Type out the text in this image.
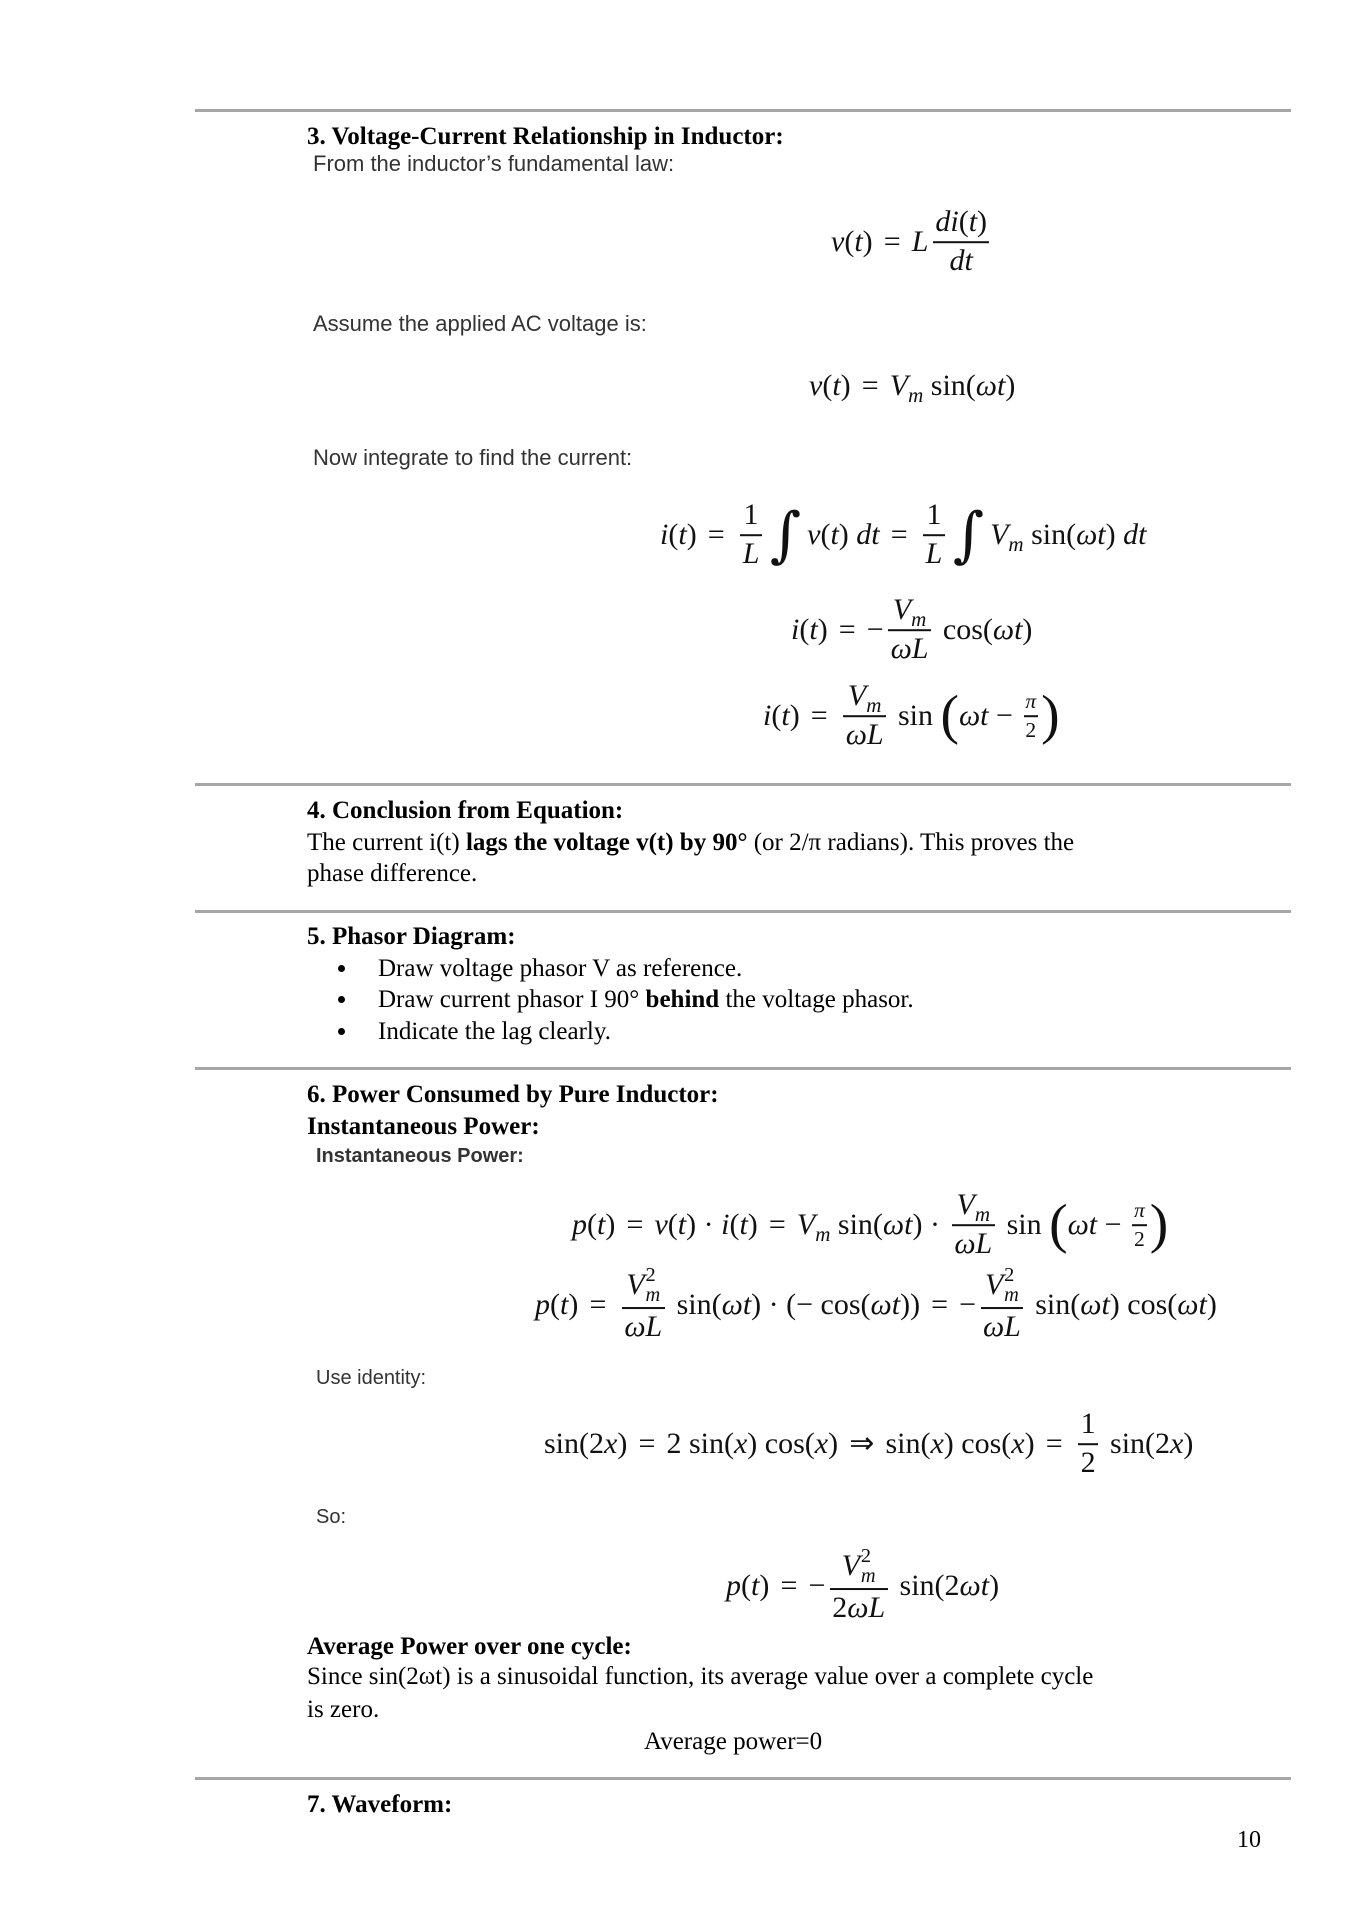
3. Voltage-Current Relationship in Inductor:
From the inductor’s fundamental law:
v(t) = L $\frac{di(t)}{dt}$
Assume the applied AC voltage is:
$v(t) = V_m$ sin(ωt)
Now integrate to find the current:
$i(t) = \frac{1}{L}$ ∫ v(t) dt = $\frac{1}{L}$ ∫ $V_m$ sin(ωt) dt
i(t) = − $\frac{V_m}{\omega L} \cos(\omega t)$
$i(t) = \frac{V_m}{\omega L}$ sin ( $\omega t - \frac{\pi}{2}$ )
4. Conclusion from Equation:
The current i(t) lags the voltage v(t) by 90° (or 2/π radians). This proves the
phase difference.
5. Phasor Diagram:
Draw voltage phasor V as reference.
Draw current phasor I 90° behind the voltage phasor.
Indicate the lag clearly.
6. Power Consumed by Pure Inductor:
Instantaneous Power:
Instantaneous Power:
$p(t) = v(t) \cdot i(t) = V_m$ $\sin(\omega t) \cdot \frac{V_m}{\omega L}$ sin ( $\omega t - \frac{\pi}{2}$ )
p(t) = V 2
m
ωL sin(ωt) · (− cos(ωt)) = − V 2
m
ωL sin(ωt) cos(ωt)
Use identity:
sin(2x) = 2 sin(x) cos(x) ⇒ sin(x) $\cos(x) = \frac{1}{2} \sin(2x)$
So:
p(t) = − V 2
m
2ωL sin(2ωt)
Average Power over one cycle:
Since sin(2ωt) is a sinusoidal function, its average value over a complete cycle
is zero.
Average power=0
7. Waveform:
10
